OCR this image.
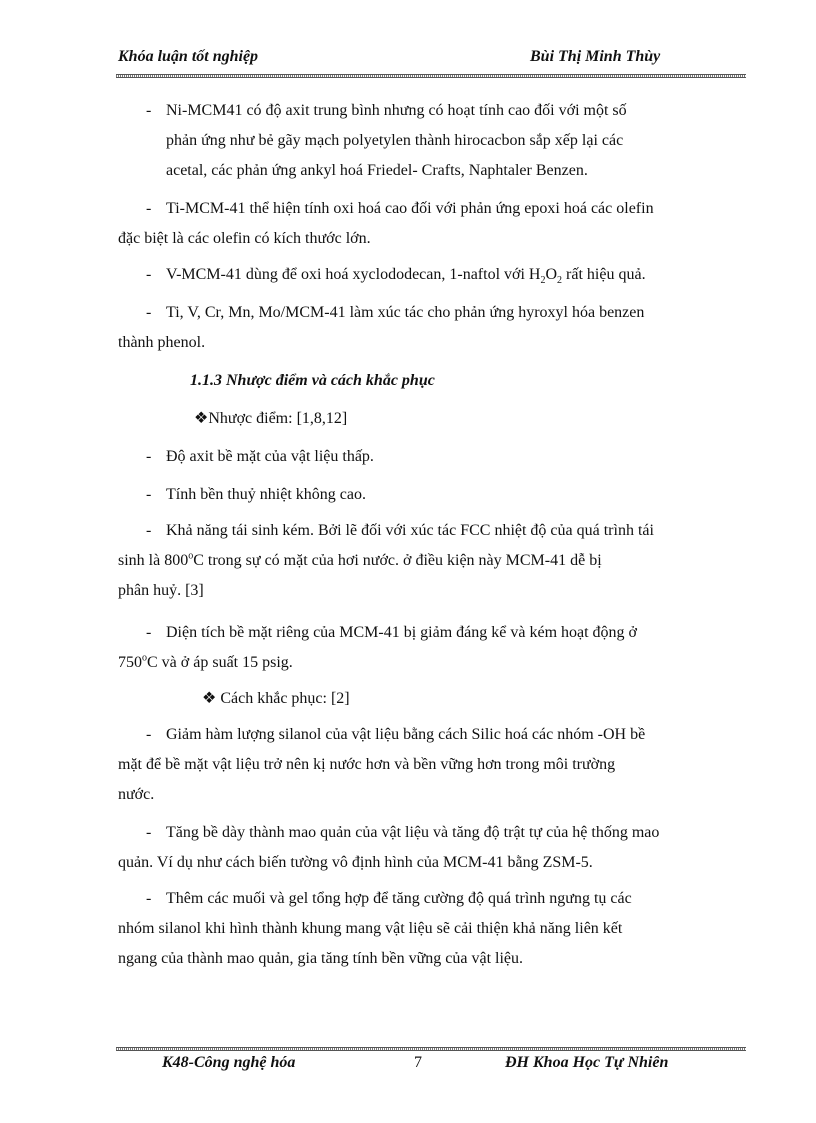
Khóa luận tốt nghiệp	Bùi Thị Minh Thùy
- Ni-MCM41 có độ axit trung bình nhưng có hoạt tính cao đối với một số
phản ứng như bẻ gãy mạch polyetylen thành hirocacbon sắp xếp lại các
acetal, các phản ứng ankyl hoá Friedel- Crafts, Naphtaler Benzen.
- Ti-MCM-41 thể hiện tính oxi hoá cao đối với phản ứng epoxi hoá các olefin
đặc biệt là các olefin có kích thước lớn.
- V-MCM-41 dùng để oxi hoá xyclododecan, 1-naftol với $H_2O_2$ rất hiệu quả.
- Ti, V, Cr, Mn, Mo/MCM-41 làm xúc tác cho phản ứng hyroxyl hóa benzen
thành phenol.
1.1.3 Nhược điểm và cách khắc phục
❖Nhược điểm: [1,8,12]
- Độ axit bề mặt của vật liệu thấp.
- Tính bền thuỷ nhiệt không cao.
- Khả năng tái sinh kém. Bởi lẽ đối với xúc tác FCC nhiệt độ của quá trình tái
sinh là 800$^o$C trong sự có mặt của hơi nước. ở điều kiện này MCM-41 dễ bị
phân huỷ. [3]
- Diện tích bề mặt riêng của MCM-41 bị giảm đáng kể và kém hoạt động ở
750$^o$C và ở áp suất 15 psig.
❖ Cách khắc phục: [2]
- Giảm hàm lượng silanol của vật liệu bằng cách Silic hoá các nhóm -OH bề
mặt để bề mặt vật liệu trở nên kị nước hơn và bền vững hơn trong môi trường
nước.
- Tăng bề dày thành mao quản của vật liệu và tăng độ trật tự của hệ thống mao
quản. Ví dụ như cách biến tường vô định hình của MCM-41 bằng ZSM-5.
- Thêm các muối và gel tổng hợp để tăng cường độ quá trình ngưng tụ các
nhóm silanol khi hình thành khung mang vật liệu sẽ cải thiện khả năng liên kết
ngang của thành mao quản, gia tăng tính bền vững của vật liệu.
K48-Công nghệ hóa	7	ĐH Khoa Học Tự Nhiên
